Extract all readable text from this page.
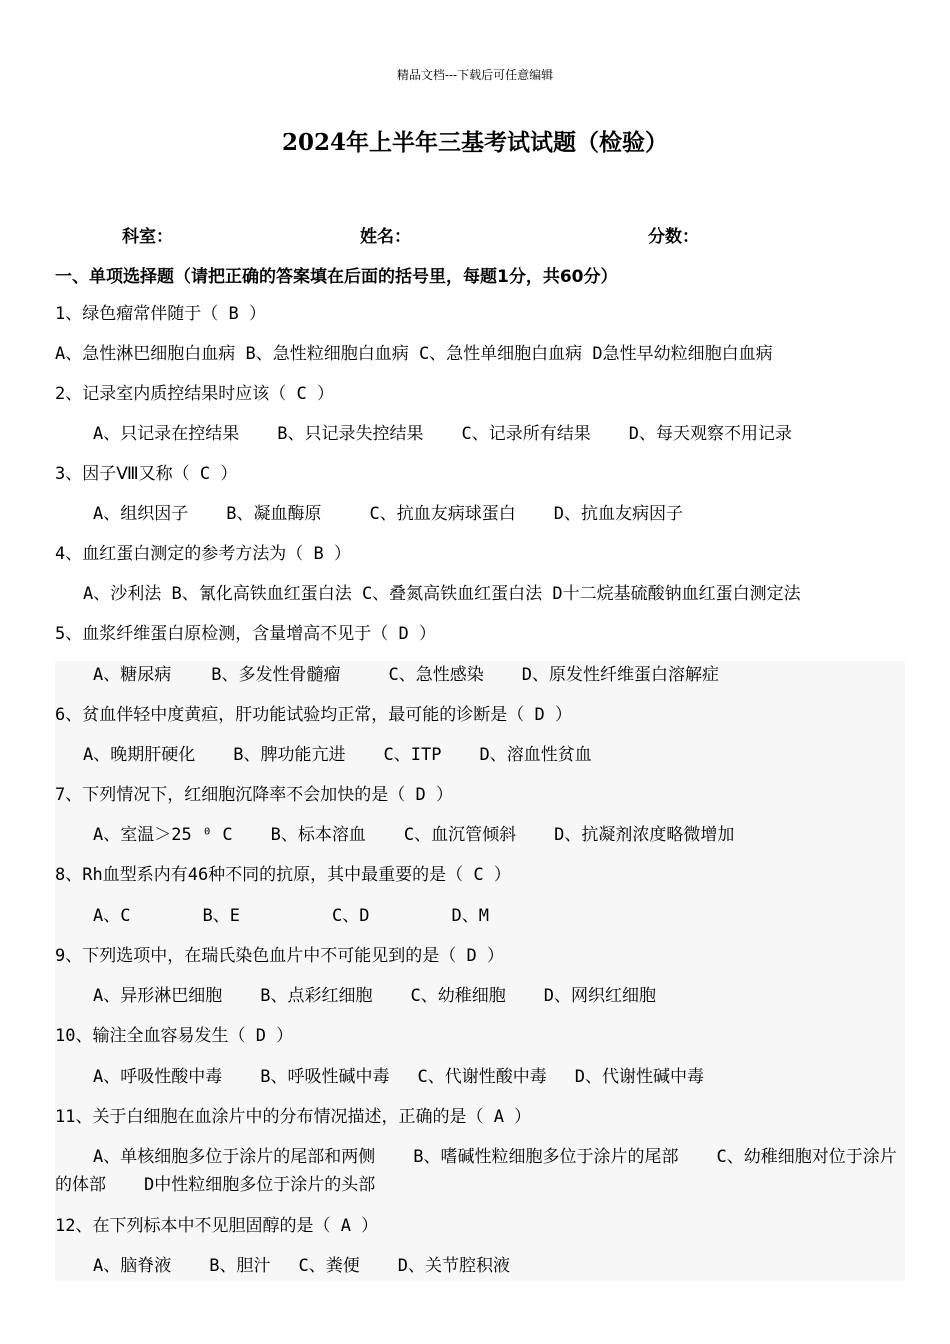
精品文档---下载后可任意编辑
2024年上半年三基考试试题（检验）
科室：	姓名：	分数：
一、单项选择题（请把正确的答案填在后面的括号里，每题1分，共60分）
1、绿色瘤常伴随于（ B ）
A、急性淋巴细胞白血病 B、急性粒细胞白血病 C、急性单细胞白血病 D急性早幼粒细胞白血病
2、记录室内质控结果时应该（ C ）
A、只记录在控结果 B、只记录失控结果 C、记录所有结果 D、每天观察不用记录
3、因子Ⅷ又称（ C ）
A、组织因子 B、凝血酶原	C、抗血友病球蛋白 D、抗血友病因子
4、血红蛋白测定的参考方法为（ B ）
A、沙利法 B、氰化高铁血红蛋白法 C、叠氮高铁血红蛋白法 D十二烷基硫酸钠血红蛋白测定法
5、血浆纤维蛋白原检测，含量增高不见于（ D ）
A、糖尿病 B、多发性骨髓瘤	C、急性感染 D、原发性纤维蛋白溶解症
6、贫血伴轻中度黄疸，肝功能试验均正常，最可能的诊断是（ D ）
A、晚期肝硬化 B、脾功能亢进 C、ITP D、溶血性贫血
7、下列情况下，红细胞沉降率不会加快的是（ D ）
A、室温＞25 ⁰ C B、标本溶血 C、血沉管倾斜 D、抗凝剂浓度略微增加
8、Rh血型系内有46种不同的抗原，其中最重要的是（ C ）
A、C	B、E	C、D	D、M
9、下列选项中，在瑞氏染色血片中不可能见到的是（ D ）
A、异形淋巴细胞 B、点彩红细胞 C、幼稚细胞 D、网织红细胞
10、输注全血容易发生（ D ）
A、呼吸性酸中毒 B、呼吸性碱中毒 C、代谢性酸中毒 D、代谢性碱中毒
11、关于白细胞在血涂片中的分布情况描述，正确的是（ A ）
A、单核细胞多位于涂片的尾部和两侧 B、嗜碱性粒细胞多位于涂片的尾部 C、幼稚细胞对位于涂片的体部 D中性粒细胞多位于涂片的头部
12、在下列标本中不见胆固醇的是（ A ）
A、脑脊液 B、胆汁 C、粪便 D、关节腔积液
